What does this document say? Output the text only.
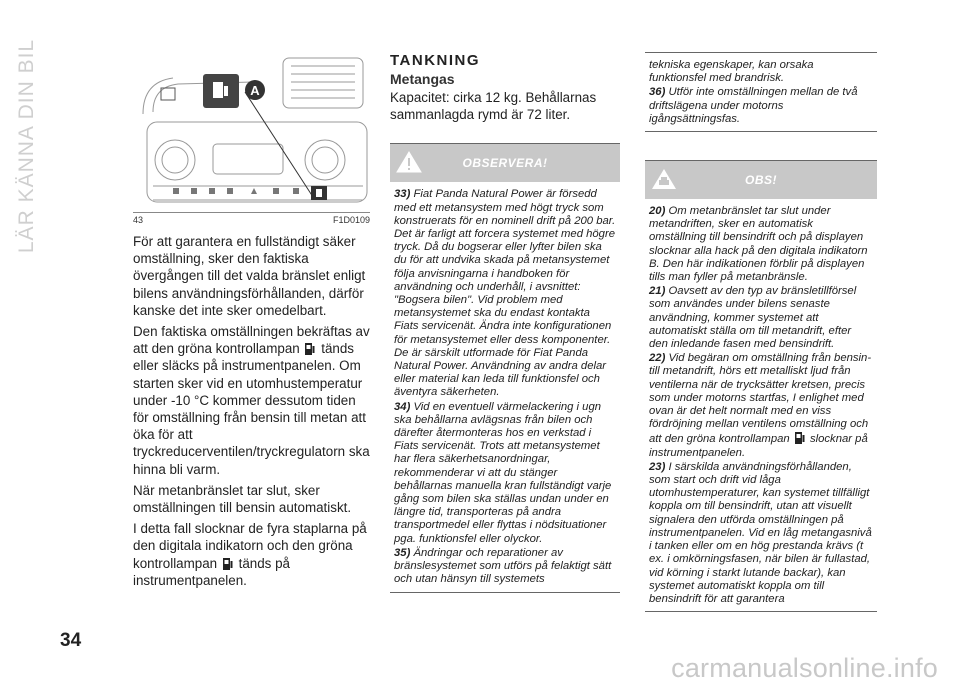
LÄR KÄNNA DIN BIL	A
43	F1D0109

För att garantera en fullständigt säker omställning, sker den faktiska övergången till det valda bränslet enligt bilens användningsförhållanden, därför kanske det inte sker omedelbart.

Den faktiska omställningen bekräftas av att den gröna kontrollampan tänds eller släcks på instrumentpanelen. Om starten sker vid en utomhustemperatur under -10 °C kommer dessutom tiden för omställning från bensin till metan att öka för att tryckreducerventilen/tryckregulatorn ska hinna bli varm.

När metanbränslet tar slut, sker omställningen till bensin automatiskt.

I detta fall slocknar de fyra staplarna på den digitala indikatorn och den gröna kontrollampan tänds på instrumentpanelen.

TANKNING
Metangas

Kapacitet: cirka 12 kg. Behållarnas sammanlagda rymd är 72 liter.

OBSERVERA!

33) Fiat Panda Natural Power är försedd med ett metansystem med högt tryck som konstruerats för en nominell drift på 200 bar. Det är farligt att forcera systemet med högre tryck. Då du bogserar eller lyfter bilen ska du för att undvika skada på metansystemet följa anvisningarna i handboken för användning och underhåll, i avsnittet: "Bogsera bilen". Vid problem med metansystemet ska du endast kontakta Fiats servicenät. Ändra inte konfigurationen för metansystemet eller dess komponenter. De är särskilt utformade för Fiat Panda Natural Power. Användning av andra delar eller material kan leda till funktionsfel och äventyra säkerheten.

34) Vid en eventuell värmelackering i ugn ska behållarna avlägsnas från bilen och därefter återmonteras hos en verkstad i Fiats servicenät. Trots att metansystemet har flera säkerhetsanordningar, rekommenderar vi att du stänger behållarnas manuella kran fullständigt varje gång som bilen ska ställas undan under en längre tid, transporteras på andra transportmedel eller flyttas i nödsituationer pga. funktionsfel eller olyckor.

35) Ändringar och reparationer av bränslesystemet som utförs på felaktigt sätt och utan hänsyn till systemets

tekniska egenskaper, kan orsaka funktionsfel med brandrisk.

36) Utför inte omställningen mellan de två driftslägena under motorns igångsättningsfas.

OBS!

20) Om metanbränslet tar slut under metandriften, sker en automatisk omställning till bensindrift och på displayen slocknar alla hack på den digitala indikatorn B. Den här indikationen förblir på displayen tills man fyller på metanbränsle.

21) Oavsett av den typ av bränsletillförsel som användes under bilens senaste användning, kommer systemet att automatiskt ställa om till metandrift, efter den inledande fasen med bensindrift.

22) Vid begäran om omställning från bensin- till metandrift, hörs ett metalliskt ljud från ventilerna när de trycksätter kretsen, precis som under motorns startfas, I enlighet med ovan är det helt normalt med en viss fördröjning mellan ventilens omställning och att den gröna kontrollampan slocknar på instrumentpanelen.

23) I särskilda användningsförhållanden, som start och drift vid låga utomhustemperaturer, kan systemet tillfälligt koppla om till bensindrift, utan att visuellt signalera den utförda omställningen på instrumentpanelen. Vid en låg metangasnivå i tanken eller om en hög prestanda krävs (t ex. i omkörningsfasen, när bilen är fullastad, vid körning i starkt lutande backar), kan systemet automatiskt koppla om till bensindrift för att garantera

34
carmanualsonline.info
